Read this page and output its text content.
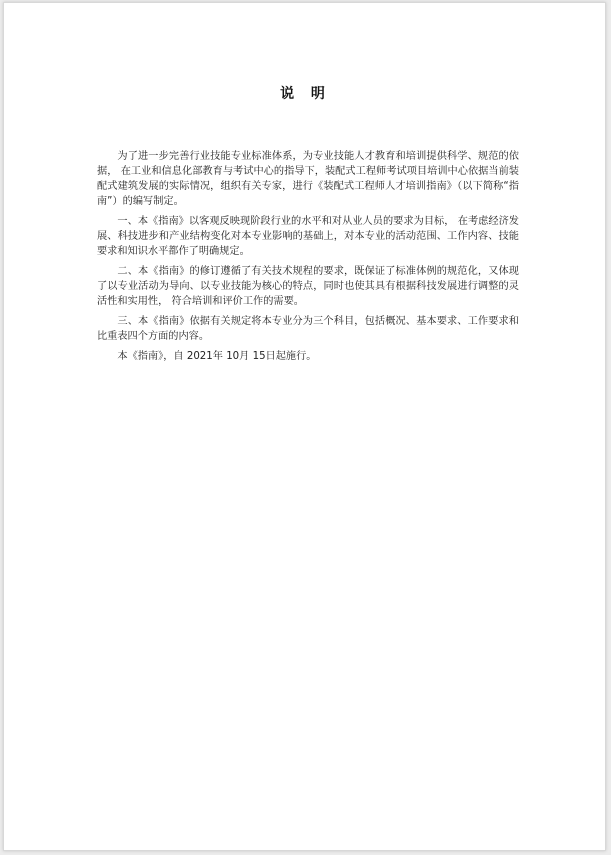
说 明

为了进一步完善行业技能专业标准体系，为专业技能人才教育和培训提供科学、规范的依据， 在工业和信息化部教育与考试中心的指导下，装配式工程师考试项目培训中心依据当前装配式建筑发展的实际情况，组织有关专家，进行《装配式工程师人才培训指南》（以下简称“指南”）的编写制定。

一、本《指南》以客观反映现阶段行业的水平和对从业人员的要求为目标， 在考虑经济发展、科技进步和产业结构变化对本专业影响的基础上，对本专业的活动范围、工作内容、技能要求和知识水平都作了明确规定。

二、本《指南》的修订遵循了有关技术规程的要求，既保证了标准体例的规范化，又体现了以专业活动为导向、以专业技能为核心的特点，同时也使其具有根据科技发展进行调整的灵活性和实用性， 符合培训和评价工作的需要。

三、本《指南》依据有关规定将本专业分为三个科目，包括概况、基本要求、工作要求和比重表四个方面的内容。

本《指南》，自 2021年 10月 15日起施行。
